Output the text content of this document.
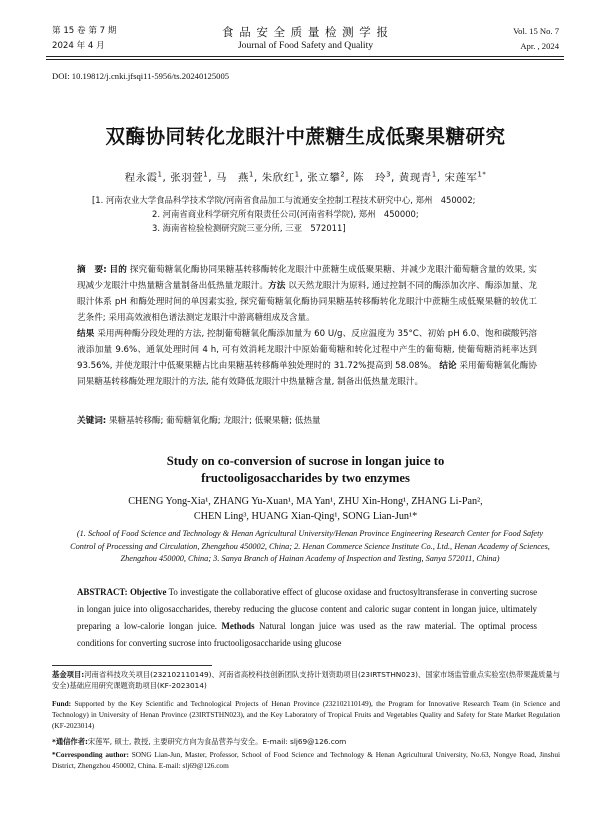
第 15 卷 第 7 期
2024 年 4 月
食 品 安 全 质 量 检 测 学 报
Journal of Food Safety and Quality
Vol. 15 No. 7
Apr. , 2024
DOI: 10.19812/j.cnki.jfsqi11-5956/ts.20240125005
双酶协同转化龙眼汁中蔗糖生成低聚果糖研究
程永霞$^1$, 张羽萱$^1$, 马　燕$^1$, 朱欣红$^1$, 张立攀$^2$, 陈　玲$^3$, 黄现青$^1$, 宋莲军$^{1*}$
[1. 河南农业大学食品科学技术学院/河南省食品加工与流通安全控制工程技术研究中心, 郑州　450002;
2. 河南省商业科学研究所有限责任公司(河南省科学院), 郑州　450000;
3. 海南省检验检测研究院三亚分所, 三亚　572011]
摘　要: 目的 探究葡萄糖氧化酶协同果糖基转移酶转化龙眼汁中蔗糖生成低聚果糖、并减少龙眼汁葡萄糖含量的效果, 实现减少龙眼汁中热量糖含量制备出低热量龙眼汁。方法 以天然龙眼汁为原料, 通过控制不同的酶添加次序、酶添加量、龙眼汁体系 pH 和酶处理时间的单因素实验, 探究葡萄糖氧化酶协同果糖基转移酶转化龙眼汁中蔗糖生成低聚果糖的较优工艺条件; 采用高效液相色谱法测定龙眼汁中游离糖组成及含量。
结果 采用两种酶分段处理的方法, 控制葡萄糖氧化酶添加量为 60 U/g、反应温度为 35°C、初始 pH 6.0、饱和碳酸钙溶液添加量 9.6%、通氧处理时间 4 h, 可有效消耗龙眼汁中原始葡萄糖和转化过程中产生的葡萄糖, 使葡萄糖消耗率达到 93.56%, 并使龙眼汁中低聚果糖占比由果糖基转移酶单独处理时的 31.72%提高到 58.08%。 结论 采用葡萄糖氧化酶协同果糖基转移酶处理龙眼汁的方法, 能有效降低龙眼汁中热量糖含量, 制备出低热量龙眼汁。
关键词: 果糖基转移酶; 葡萄糖氧化酶; 龙眼汁; 低聚果糖; 低热量
Study on co-conversion of sucrose in longan juice to
fructooligosaccharides by two enzymes
CHENG Yong-Xia¹, ZHANG Yu-Xuan¹, MA Yan¹, ZHU Xin-Hong¹, ZHANG Li-Pan²,
CHEN Ling³, HUANG Xian-Qing¹, SONG Lian-Jun¹*
(1. School of Food Science and Technology & Henan Agricultural University/Henan Province Engineering Research Center for Food Safety Control of Processing and Circulation, Zhengzhou 450002, China; 2. Henan Commerce Science Institute Co., Ltd., Henan Academy of Sciences, Zhengzhou 450000, China; 3. Sanya Branch of Hainan Academy of Inspection and Testing, Sanya 572011, China)
ABSTRACT: Objective To investigate the collaborative effect of glucose oxidase and fructosyltransferase in converting sucrose in longan juice into oligosaccharides, thereby reducing the glucose content and caloric sugar content in longan juice, ultimately preparing a low-calorie longan juice. Methods Natural longan juice was used as the raw material. The optimal process conditions for converting sucrose into fructooligosaccharide using glucose
基金项目:河南省科技攻关项目(232102110149)、河南省高校科技创新团队支持计划资助项目(23IRTSTHN023)、国家市场监管重点实验室(热带果蔬质量与安全)基础应用研究课题资助项目(KF-2023014)
Fund: Supported by the Key Scientific and Technological Projects of Henan Province (232102110149), the Program for Innovative Research Team (in Science and Technology) in University of Henan Province (23IRTSTHN023), and the Key Laboratory of Tropical Fruits and Vegetables Quality and Safety for State Market Regulation (KF-2023014)
*通信作者:宋莲军, 硕士, 教授, 主要研究方向为食品营养与安全。E-mail: slj69@126.com
*Corresponding author: SONG Lian-Jun, Master, Professor, School of Food Science and Technology & Henan Agricultural University, No.63, Nongye Road, Jinshui District, Zhengzhou 450002, China. E-mail: slj69@126.com
